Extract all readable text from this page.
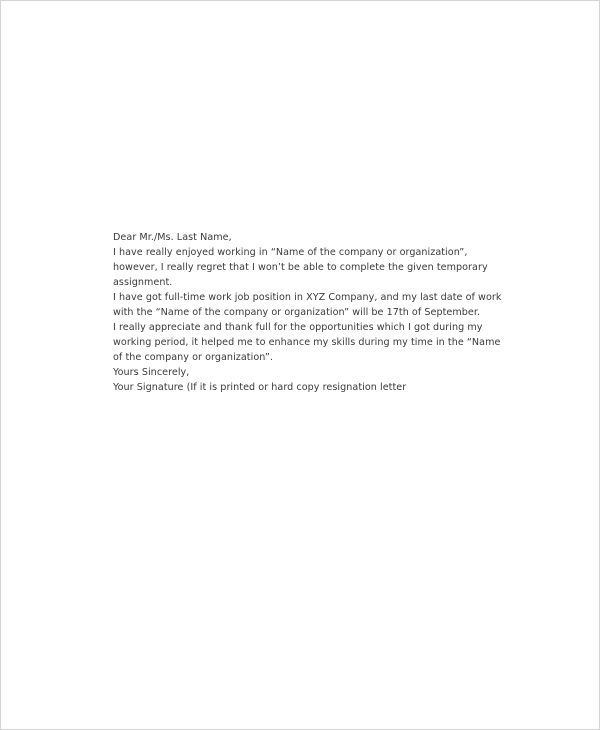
Dear Mr./Ms. Last Name,
I have really enjoyed working in “Name of the company or organization”,
however, I really regret that I won’t be able to complete the given temporary
assignment.
I have got full-time work job position in XYZ Company, and my last date of work
with the “Name of the company or organization” will be 17th of September.
I really appreciate and thank full for the opportunities which I got during my
working period, it helped me to enhance my skills during my time in the “Name
of the company or organization”.
Yours Sincerely,
Your Signature (If it is printed or hard copy resignation letter
